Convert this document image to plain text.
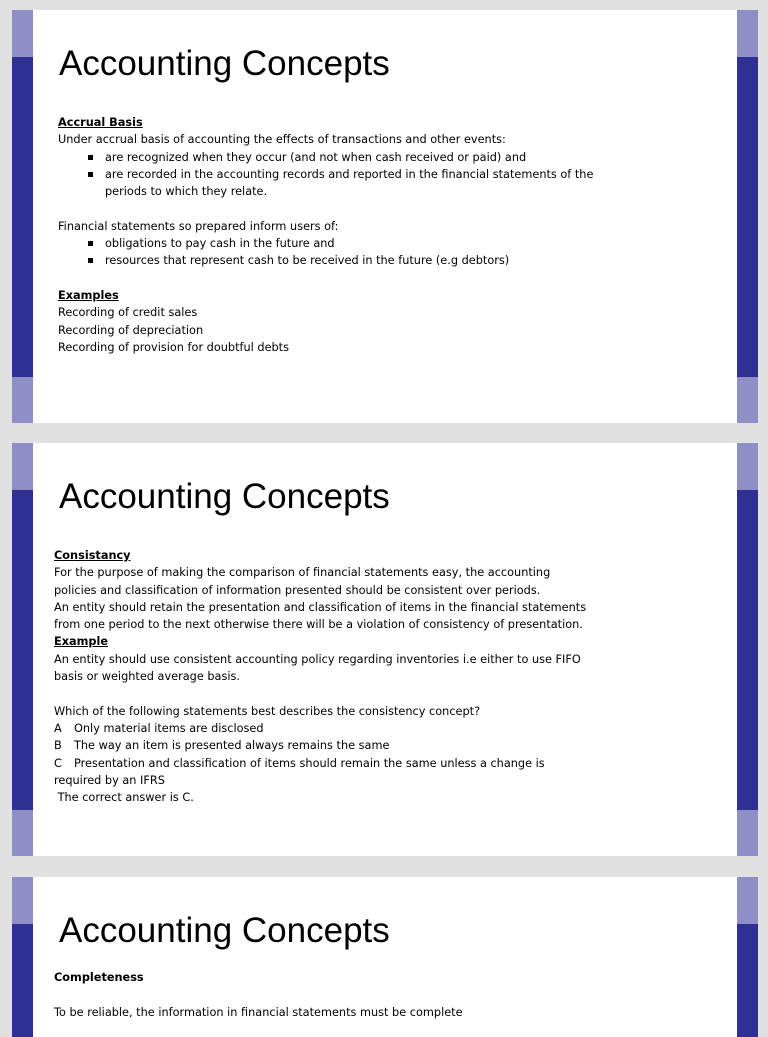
Accounting Concepts

Accrual Basis

Under accrual basis of accounting the effects of transactions and other events:

are recognized when they occur (and not when cash received or paid) and
are recorded in the accounting records and reported in the financial statements of the

periods to which they relate.

Financial statements so prepared inform users of:

obligations to pay cash in the future and
resources that represent cash to be received in the future (e.g debtors)

Examples

Recording of credit sales

Recording of depreciation

Recording of provision for doubtful debts

Accounting Concepts

Consistancy

For the purpose of making the comparison of financial statements easy, the accounting

policies and classification of information presented should be consistent over periods.

An entity should retain the presentation and classification of items in the financial statements

from one period to the next otherwise there will be a violation of consistency of presentation.

Example

An entity should use consistent accounting policy regarding inventories i.e either to use FIFO

basis or weighted average basis.

Which of the following statements best describes the consistency concept?

A Only material items are disclosed

B The way an item is presented always remains the same

C Presentation and classification of items should remain the same unless a change is

required by an IFRS

The correct answer is C.

Accounting Concepts

Completeness

To be reliable, the information in financial statements must be complete
